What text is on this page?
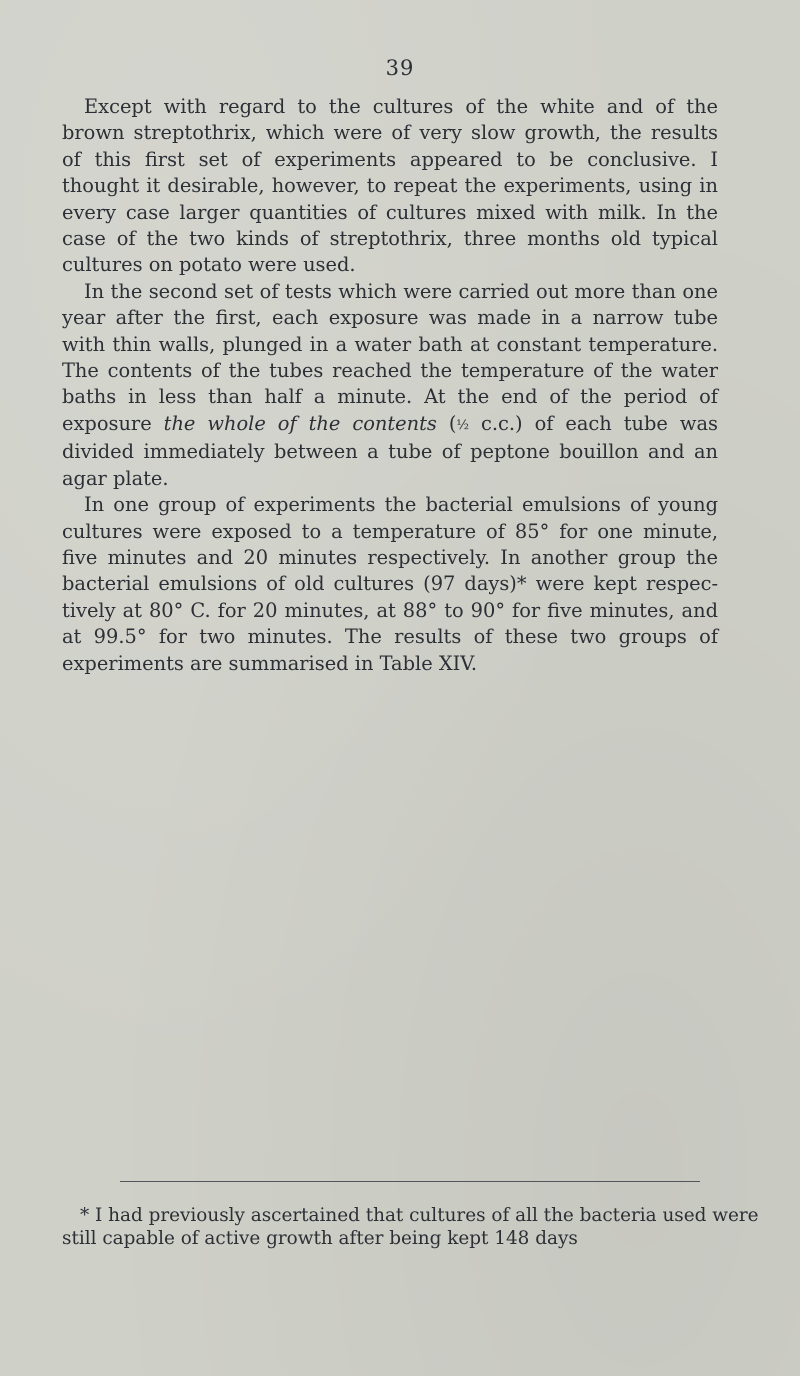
39
Except with regard to the cultures of the white and of the
brown streptothrix, which were of very slow growth, the results
of this first set of experiments appeared to be conclusive. I
thought it desirable, however, to repeat the experiments, using in
every case larger quantities of cultures mixed with milk. In the
case of the two kinds of streptothrix, three months old typical
cultures on potato were used.
In the second set of tests which were carried out more than one
year after the first, each exposure was made in a narrow tube
with thin walls, plunged in a water bath at constant temperature.
The contents of the tubes reached the temperature of the water
baths in less than half a minute. At the end of the period of
exposure the whole of the contents (½ c.c.) of each tube was
divided immediately between a tube of peptone bouillon and an
agar plate.
In one group of experiments the bacterial emulsions of young
cultures were exposed to a temperature of 85° for one minute,
five minutes and 20 minutes respectively. In another group the
bacterial emulsions of old cultures (97 days)* were kept respec-
tively at 80° C. for 20 minutes, at 88° to 90° for five minutes, and
at 99.5° for two minutes. The results of these two groups of
experiments are summarised in Table XIV.
* I had previously ascertained that cultures of all the bacteria used were
still capable of active growth after being kept 148 days
